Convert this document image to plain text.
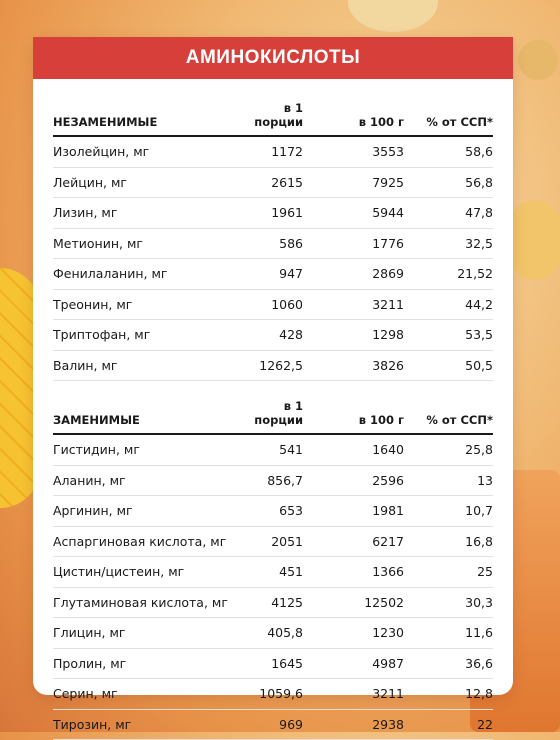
АМИНОКИСЛОТЫ
НЕЗАМЕНИМЫЕ	в 1 порции	в 100 г	% от ССП*
Изолейцин, мг	1172	3553	58,6
Лейцин, мг	2615	7925	56,8
Лизин, мг	1961	5944	47,8
Метионин, мг	586	1776	32,5
Фенилаланин, мг	947	2869	21,52
Треонин, мг	1060	3211	44,2
Триптофан, мг	428	1298	53,5
Валин, мг	1262,5	3826	50,5
ЗАМЕНИМЫЕ	в 1 порции	в 100 г	% от ССП*
Гистидин, мг	541	1640	25,8
Аланин, мг	856,7	2596	13
Аргинин, мг	653	1981	10,7
Аспаргиновая кислота, мг	2051	6217	16,8
Цистин/цистеин, мг	451	1366	25
Глутаминовая кислота, мг	4125	12502	30,3
Глицин, мг	405,8	1230	11,6
Пролин, мг	1645	4987	36,6
Серин, мг	1059,6	3211	12,8
Тирозин, мг	969	2938	22
